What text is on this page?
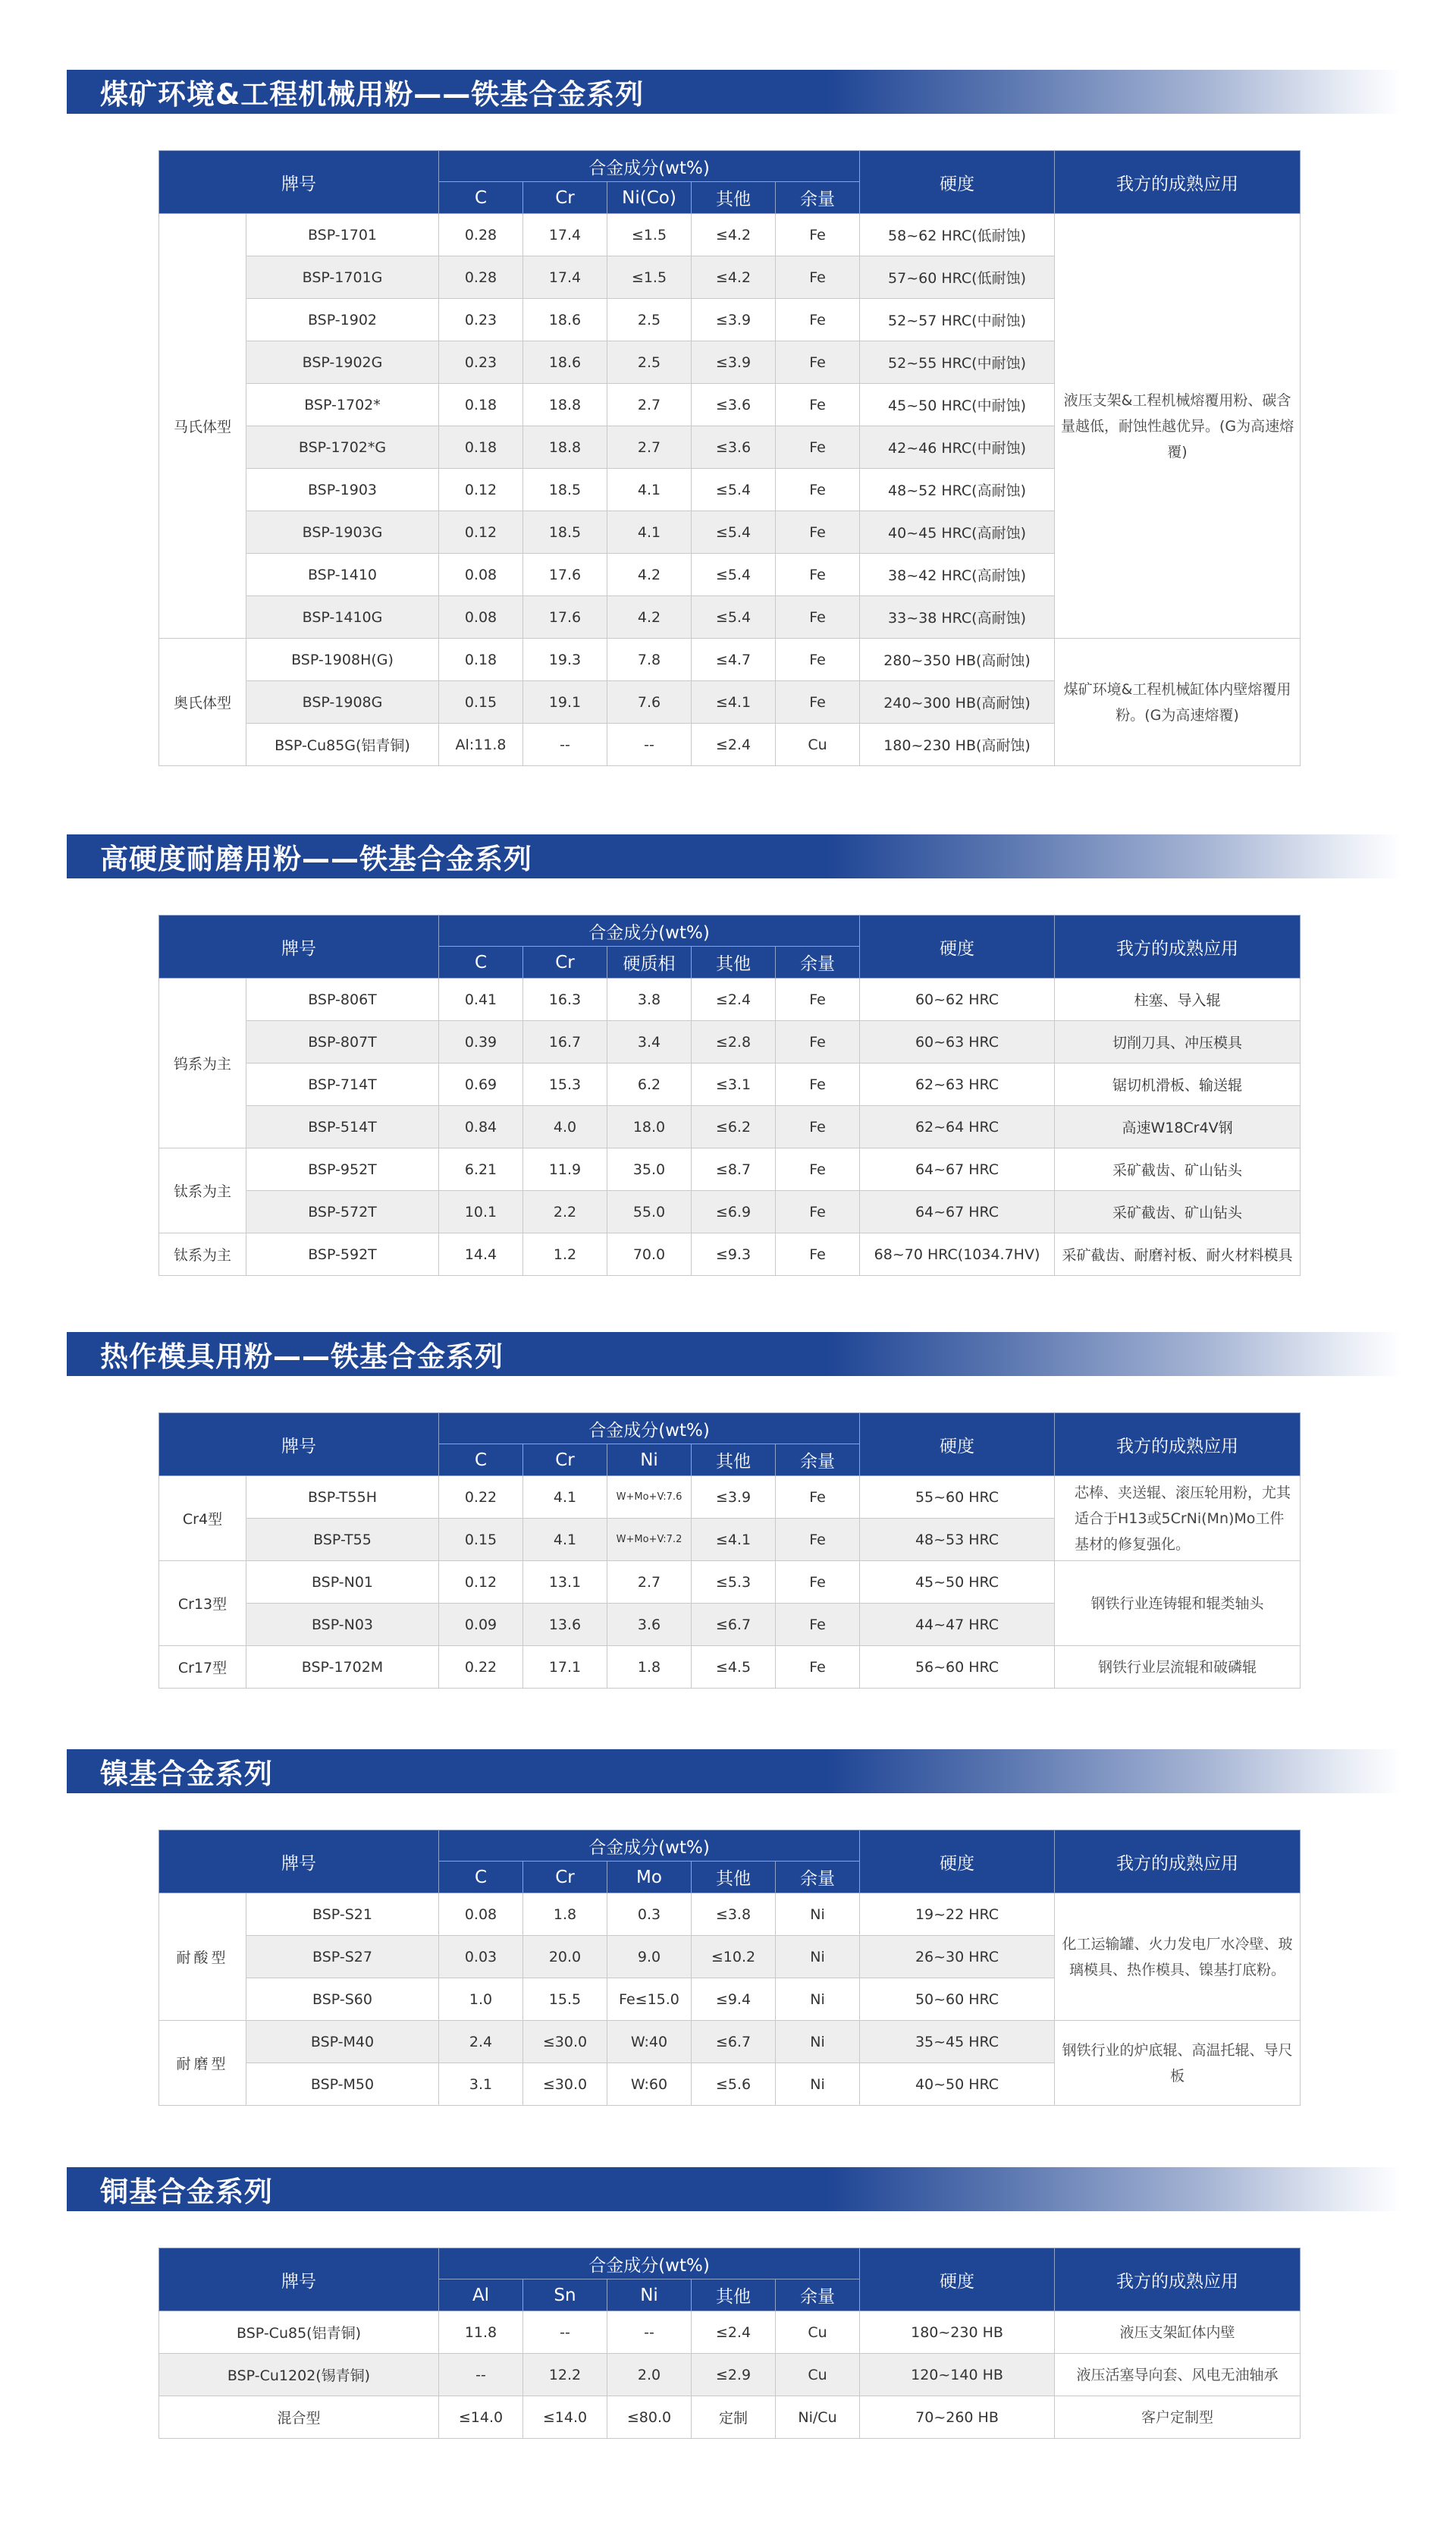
煤矿环境&工程机械用粉——铁基合金系列
牌号		合金成分(wt%)					硬度	我方的成熟应用
		C	Cr	Ni(Co)	其他	余量		
马氏体型	BSP-1701	0.28	17.4	≤1.5	≤4.2	Fe	58~62 HRC(低耐蚀)	液压支架&工程机械熔覆用粉、碳含量越低，耐蚀性越优异。(G为高速熔覆)
	BSP-1701G	0.28	17.4	≤1.5	≤4.2	Fe	57~60 HRC(低耐蚀)	
	BSP-1902	0.23	18.6	2.5	≤3.9	Fe	52~57 HRC(中耐蚀)	
	BSP-1902G	0.23	18.6	2.5	≤3.9	Fe	52~55 HRC(中耐蚀)	
	BSP-1702*	0.18	18.8	2.7	≤3.6	Fe	45~50 HRC(中耐蚀)	
	BSP-1702*G	0.18	18.8	2.7	≤3.6	Fe	42~46 HRC(中耐蚀)	
	BSP-1903	0.12	18.5	4.1	≤5.4	Fe	48~52 HRC(高耐蚀)	
	BSP-1903G	0.12	18.5	4.1	≤5.4	Fe	40~45 HRC(高耐蚀)	
	BSP-1410	0.08	17.6	4.2	≤5.4	Fe	38~42 HRC(高耐蚀)	
	BSP-1410G	0.08	17.6	4.2	≤5.4	Fe	33~38 HRC(高耐蚀)	
奥氏体型	BSP-1908H(G)	0.18	19.3	7.8	≤4.7	Fe	280~350 HB(高耐蚀)	煤矿环境&工程机械缸体内壁熔覆用粉。(G为高速熔覆)
	BSP-1908G	0.15	19.1	7.6	≤4.1	Fe	240~300 HB(高耐蚀)	
	BSP-Cu85G(铝青铜)	Al:11.8	--	--	≤2.4	Cu	180~230 HB(高耐蚀)	
高硬度耐磨用粉——铁基合金系列
牌号		合金成分(wt%)					硬度	我方的成熟应用
		C	Cr	硬质相	其他	余量		
钨系为主	BSP-806T	0.41	16.3	3.8	≤2.4	Fe	60~62 HRC	柱塞、导入辊
	BSP-807T	0.39	16.7	3.4	≤2.8	Fe	60~63 HRC	切削刀具、冲压模具
	BSP-714T	0.69	15.3	6.2	≤3.1	Fe	62~63 HRC	锯切机滑板、输送辊
	BSP-514T	0.84	4.0	18.0	≤6.2	Fe	62~64 HRC	高速W18Cr4V钢
钛系为主	BSP-952T	6.21	11.9	35.0	≤8.7	Fe	64~67 HRC	采矿截齿、矿山钻头
	BSP-572T	10.1	2.2	55.0	≤6.9	Fe	64~67 HRC	采矿截齿、矿山钻头
钛系为主	BSP-592T	14.4	1.2	70.0	≤9.3	Fe	68~70 HRC(1034.7HV)	采矿截齿、耐磨衬板、耐火材料模具
热作模具用粉——铁基合金系列
牌号		合金成分(wt%)					硬度	我方的成熟应用
		C	Cr	Ni	其他	余量		
Cr4型	BSP-T55H	0.22	4.1	W+Mo+V:7.6	≤3.9	Fe	55~60 HRC	芯棒、夹送辊、滚压轮用粉，尤其适合于H13或5CrNi(Mn)Mo工件基材的修复强化。
	BSP-T55	0.15	4.1	W+Mo+V:7.2	≤4.1	Fe	48~53 HRC	
Cr13型	BSP-N01	0.12	13.1	2.7	≤5.3	Fe	45~50 HRC	钢铁行业连铸辊和辊类轴头
	BSP-N03	0.09	13.6	3.6	≤6.7	Fe	44~47 HRC	
Cr17型	BSP-1702M	0.22	17.1	1.8	≤4.5	Fe	56~60 HRC	钢铁行业层流辊和破磷辊
镍基合金系列
牌号		合金成分(wt%)					硬度	我方的成熟应用
		C	Cr	Mo	其他	余量		
耐酸型	BSP-S21	0.08	1.8	0.3	≤3.8	Ni	19~22 HRC	化工运输罐、火力发电厂水冷壁、玻璃模具、热作模具、镍基打底粉。
	BSP-S27	0.03	20.0	9.0	≤10.2	Ni	26~30 HRC	
	BSP-S60	1.0	15.5	Fe≤15.0	≤9.4	Ni	50~60 HRC	
耐磨型	BSP-M40	2.4	≤30.0	W:40	≤6.7	Ni	35~45 HRC	钢铁行业的炉底辊、高温托辊、导尺板
	BSP-M50	3.1	≤30.0	W:60	≤5.6	Ni	40~50 HRC	
铜基合金系列
牌号	合金成分(wt%)					硬度	我方的成熟应用
	Al	Sn	Ni	其他	余量		
BSP-Cu85(铝青铜)	11.8	--	--	≤2.4	Cu	180~230 HB	液压支架缸体内壁
BSP-Cu1202(锡青铜)	--	12.2	2.0	≤2.9	Cu	120~140 HB	液压活塞导向套、风电无油轴承
混合型	≤14.0	≤14.0	≤80.0	定制	Ni/Cu	70~260 HB	客户定制型
